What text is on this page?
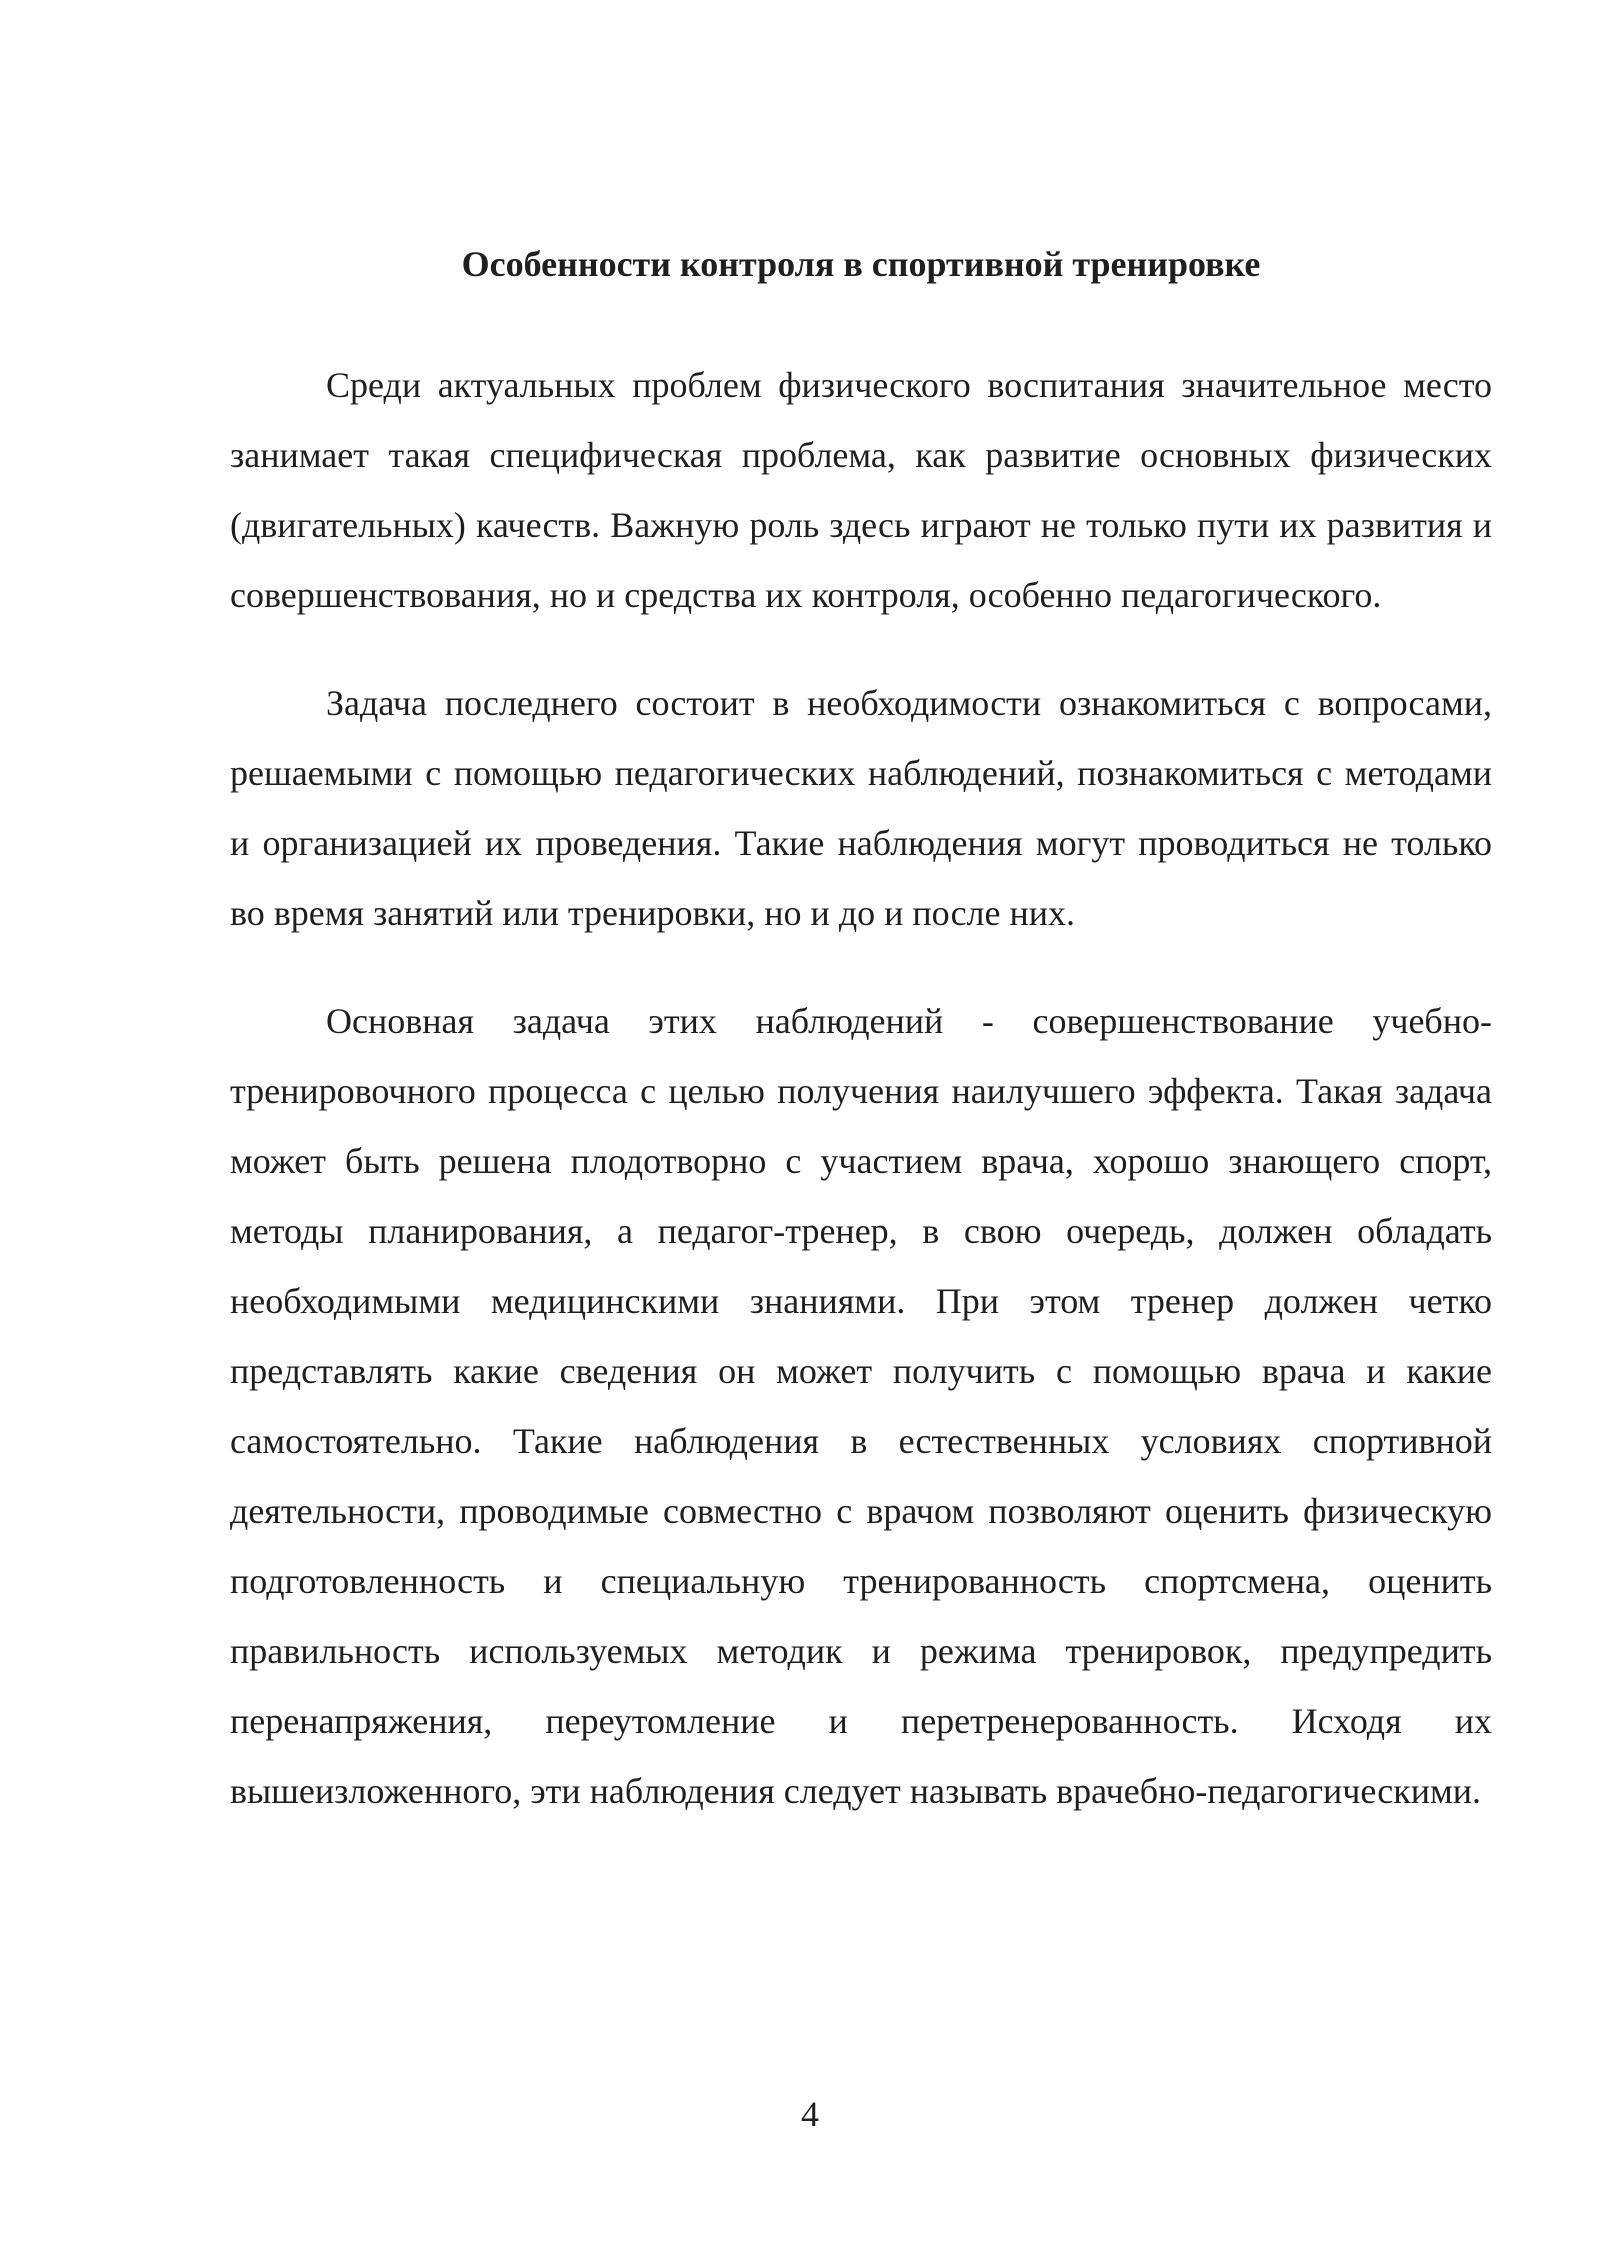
Особенности контроля в спортивной тренировке

Среди актуальных проблем физического воспитания значительное место занимает такая специфическая проблема, как развитие основных физических (двигательных) качеств. Важную роль здесь играют не только пути их развития и совершенствования, но и средства их контроля, особенно педагогического.

Задача последнего состоит в необходимости ознакомиться с вопросами, решаемыми с помощью педагогических наблюдений, познакомиться с методами и организацией их проведения. Такие наблюдения могут проводиться не только во время занятий или тренировки, но и до и после них.

Основная задача этих наблюдений - совершенствование учебно-тренировочного процесса с целью получения наилучшего эффекта. Такая задача может быть решена плодотворно с участием врача, хорошо знающего спорт, методы планирования, а педагог-тренер, в свою очередь, должен обладать необходимыми медицинскими знаниями. При этом тренер должен четко представлять какие сведения он может получить с помощью врача и какие самостоятельно. Такие наблюдения в естественных условиях спортивной деятельности, проводимые совместно с врачом позволяют оценить физическую подготовленность и специальную тренированность спортсмена, оценить правильность используемых методик и режима тренировок, предупредить перенапряжения, переутомление и перетренерованность. Исходя их вышеизложенного, эти наблюдения следует называть врачебно-педагогическими.

4
